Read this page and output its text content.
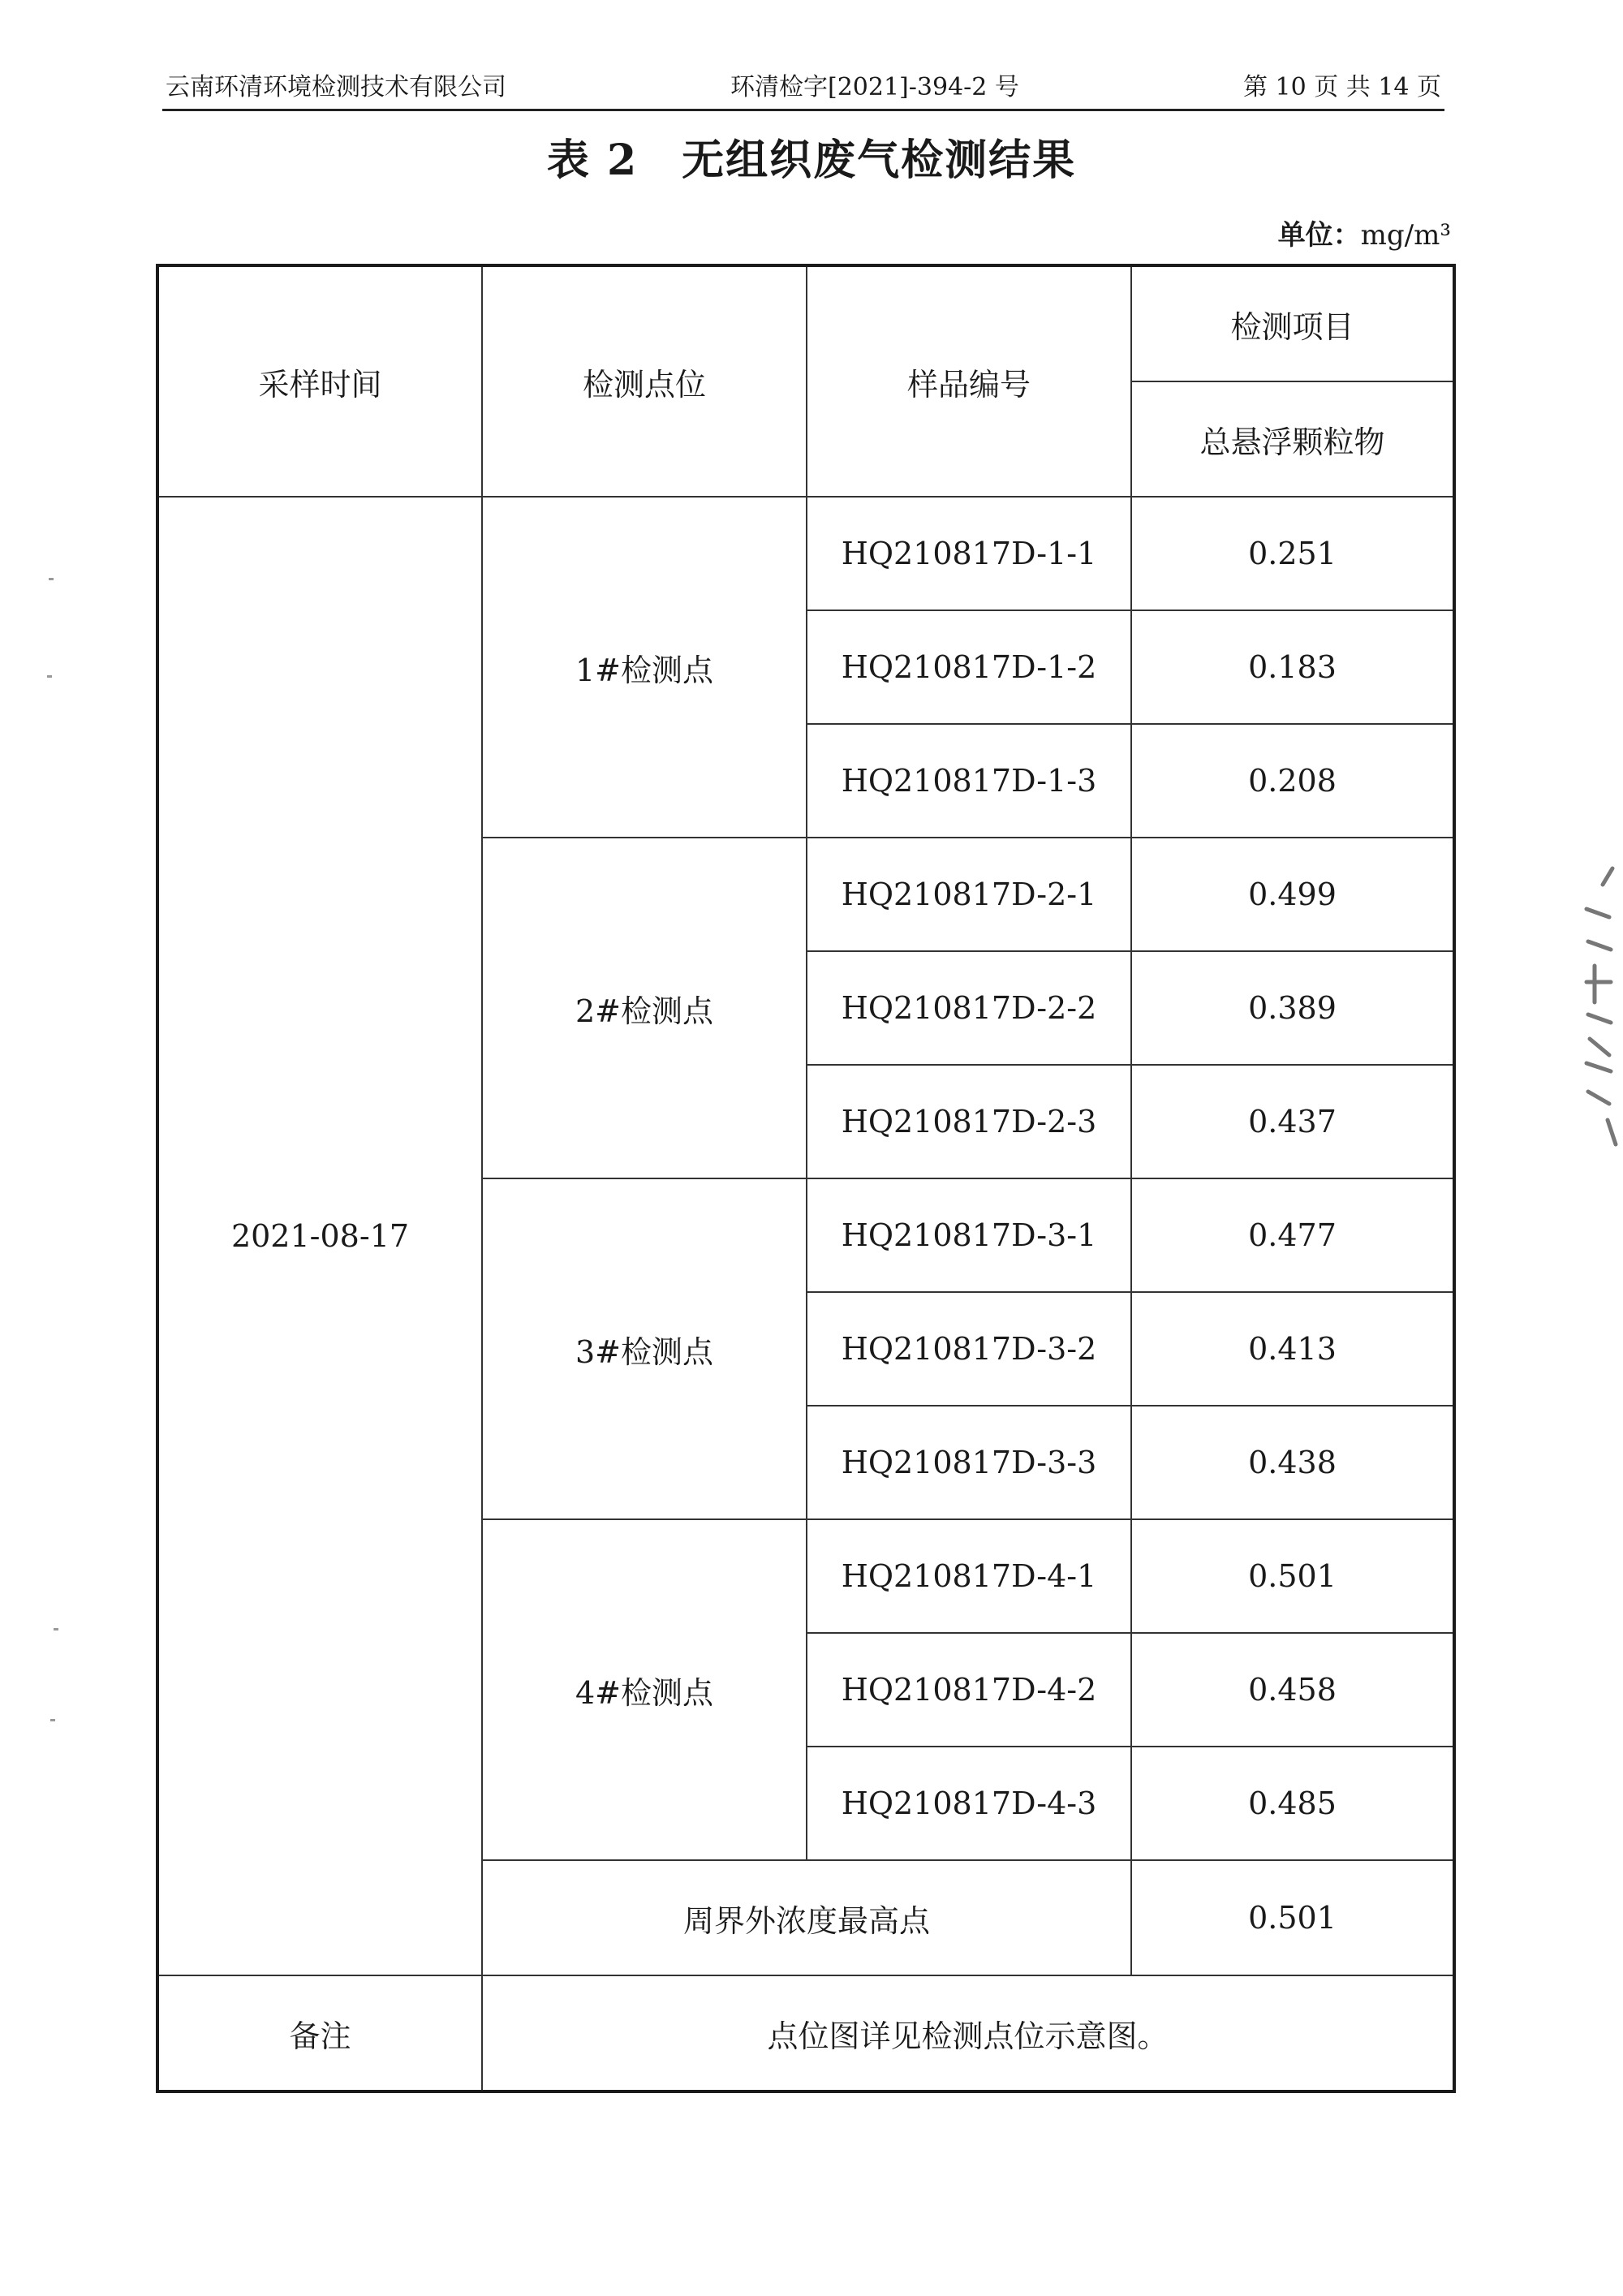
云南环清环境检测技术有限公司	环清检字[2021]-394-2 号	第 10 页 共 14 页
表 2　无组织废气检测结果
单位：mg/m³
采样时间	检测点位	样品编号	检测项目
			总悬浮颗粒物
2021-08-17	1#检测点	HQ210817D-1-1	0.251
		HQ210817D-1-2	0.183
		HQ210817D-1-3	0.208
	2#检测点	HQ210817D-2-1	0.499
		HQ210817D-2-2	0.389
		HQ210817D-2-3	0.437
	3#检测点	HQ210817D-3-1	0.477
		HQ210817D-3-2	0.413
		HQ210817D-3-3	0.438
	4#检测点	HQ210817D-4-1	0.501
		HQ210817D-4-2	0.458
		HQ210817D-4-3	0.485
	周界外浓度最高点		0.501
备注	点位图详见检测点位示意图。		
